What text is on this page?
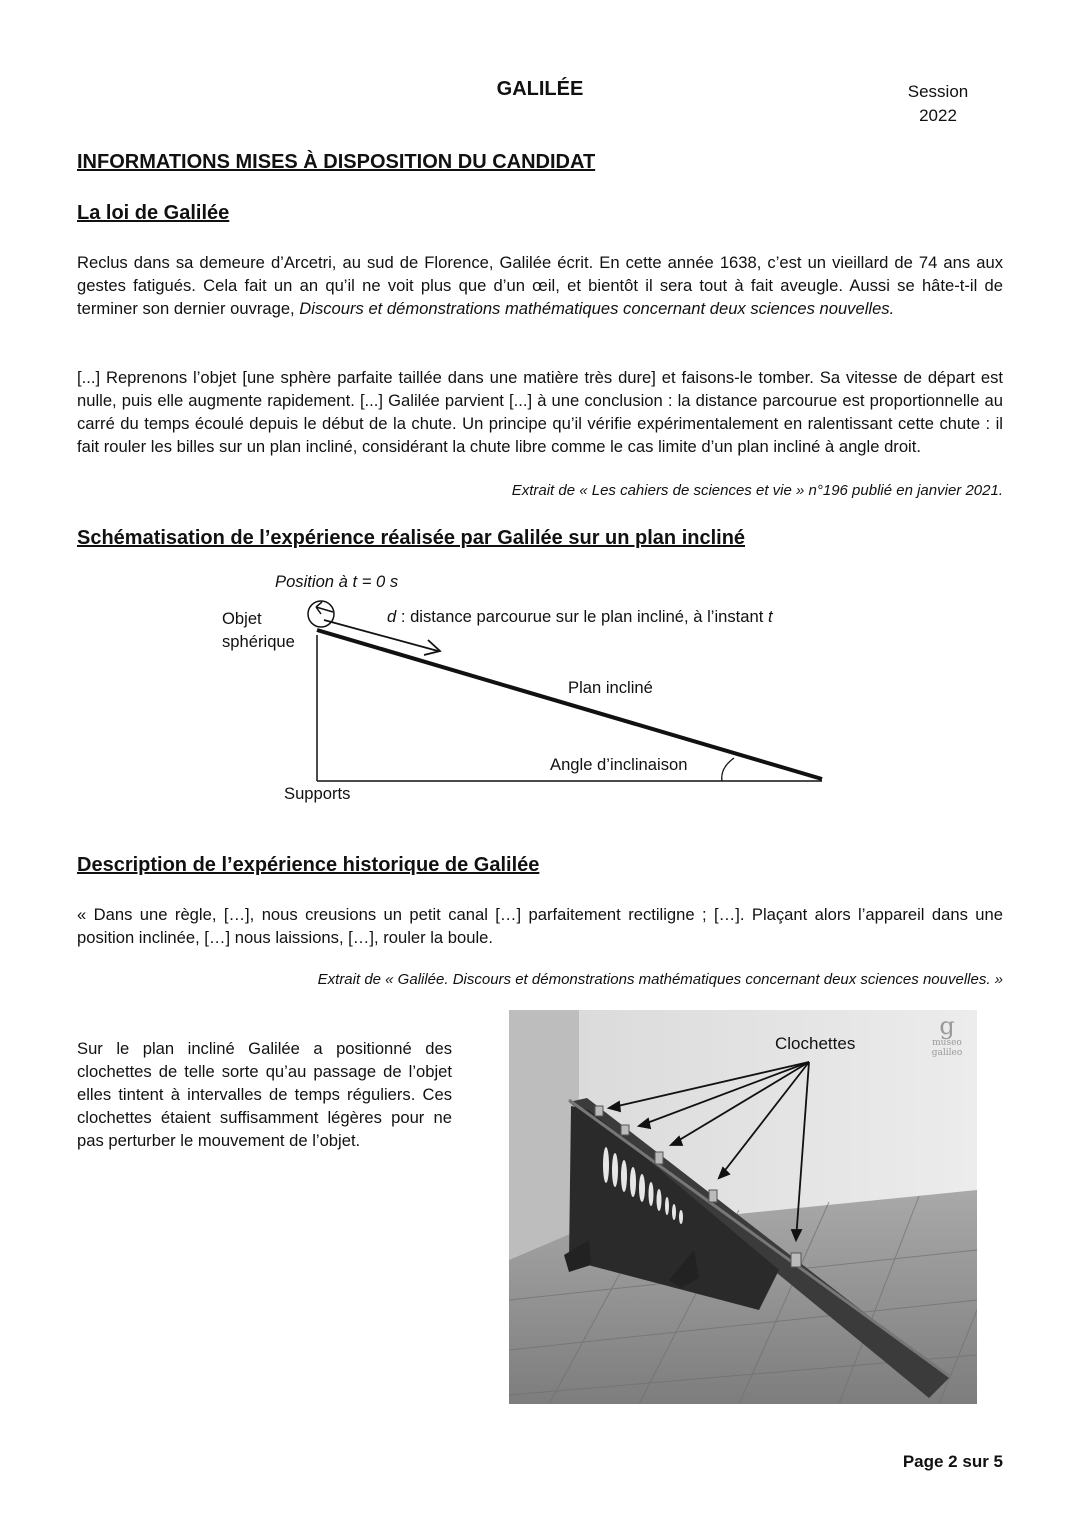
GALILÉE	Session
2022
INFORMATIONS MISES À DISPOSITION DU CANDIDAT
La loi de Galilée

Reclus dans sa demeure d’Arcetri, au sud de Florence, Galilée écrit. En cette année 1638, c’est un vieillard de 74 ans aux gestes fatigués. Cela fait un an qu’il ne voit plus que d’un œil, et bientôt il sera tout à fait aveugle. Aussi se hâte-t-il de terminer son dernier ouvrage, Discours et démonstrations mathématiques concernant deux sciences nouvelles.

[...] Reprenons l’objet [une sphère parfaite taillée dans une matière très dure] et faisons-le tomber. Sa vitesse de départ est nulle, puis elle augmente rapidement. [...] Galilée parvient [...] à une conclusion : la distance parcourue est proportionnelle au carré du temps écoulé depuis le début de la chute. Un principe qu’il vérifie expérimentalement en ralentissant cette chute : il fait rouler les billes sur un plan incliné, considérant la chute libre comme le cas limite d’un plan incliné à angle droit.

Extrait de « Les cahiers de sciences et vie » n°196 publié en janvier 2021.
Schématisation de l’expérience réalisée par Galilée sur un plan incliné
Position à t = 0 s
Objet
sphérique
d : distance parcourue sur le plan incliné, à l’instant t
Plan incliné
Angle d’inclinaison
Supports
Description de l’expérience historique de Galilée

« Dans une règle, […], nous creusions un petit canal […] parfaitement rectiligne ; […]. Plaçant alors l’appareil dans une position inclinée, […] nous laissions, […], rouler la boule.

Extrait de « Galilée. Discours et démonstrations mathématiques concernant deux sciences nouvelles. »

Sur le plan incliné Galilée a positionné des clochettes de telle sorte qu’au passage de l’objet elles tintent à intervalles de temps réguliers. Ces clochettes étaient suffisamment légères pour ne pas perturber le mouvement de l’objet.

Clochettes
g
museo
galileo
Page 2 sur 5
